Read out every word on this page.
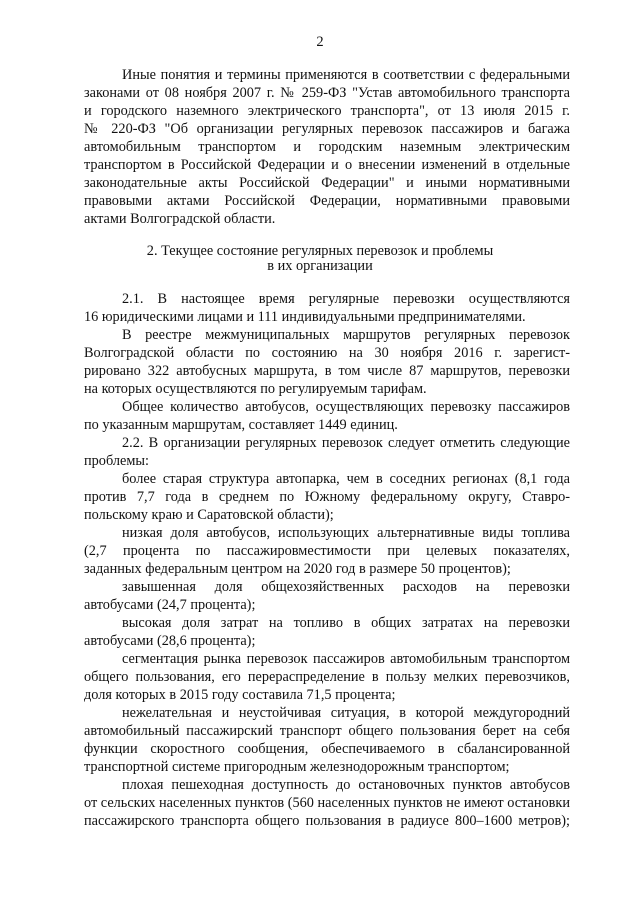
2

Иные понятия и термины применяются в соответствии с федеральными

законами от 08 ноября 2007 г. № 259-ФЗ "Устав автомобильного транспорта

и городского наземного электрического транспорта", от 13 июля 2015 г.

№ 220-ФЗ "Об организации регулярных перевозок пассажиров и багажа

автомобильным транспортом и городским наземным электрическим

транспортом в Российской Федерации и о внесении изменений в отдельные

законодательные акты Российской Федерации" и иными нормативными

правовыми актами Российской Федерации, нормативными правовыми

актами Волгоградской области.

2. Текущее состояние регулярных перевозок и проблемы

в их организации

2.1. В настоящее время регулярные перевозки осуществляются

16 юридическими лицами и 111 индивидуальными предпринимателями.

В реестре межмуниципальных маршрутов регулярных перевозок

Волгоградской области по состоянию на 30 ноября 2016 г. зарегист-

рировано 322 автобусных маршрута, в том числе 87 маршрутов, перевозки

на которых осуществляются по регулируемым тарифам.

Общее количество автобусов, осуществляющих перевозку пассажиров

по указанным маршрутам, составляет 1449 единиц.

2.2. В организации регулярных перевозок следует отметить следующие

проблемы:

более старая структура автопарка, чем в соседних регионах (8,1 года

против 7,7 года в среднем по Южному федеральному округу, Ставро-

польскому краю и Саратовской области);

низкая доля автобусов, использующих альтернативные виды топлива

(2,7 процента по пассажировместимости при целевых показателях,

заданных федеральным центром на 2020 год в размере 50 процентов);

завышенная доля общехозяйственных расходов на перевозки

автобусами (24,7 процента);

высокая доля затрат на топливо в общих затратах на перевозки

автобусами (28,6 процента);

сегментация рынка перевозок пассажиров автомобильным транспортом

общего пользования, его перераспределение в пользу мелких перевозчиков,

доля которых в 2015 году составила 71,5 процента;

нежелательная и неустойчивая ситуация, в которой междугородний

автомобильный пассажирский транспорт общего пользования берет на себя

функции скоростного сообщения, обеспечиваемого в сбалансированной

транспортной системе пригородным железнодорожным транспортом;

плохая пешеходная доступность до остановочных пунктов автобусов

от сельских населенных пунктов (560 населенных пунктов не имеют остановки

пассажирского транспорта общего пользования в радиусе 800–1600 метров);
